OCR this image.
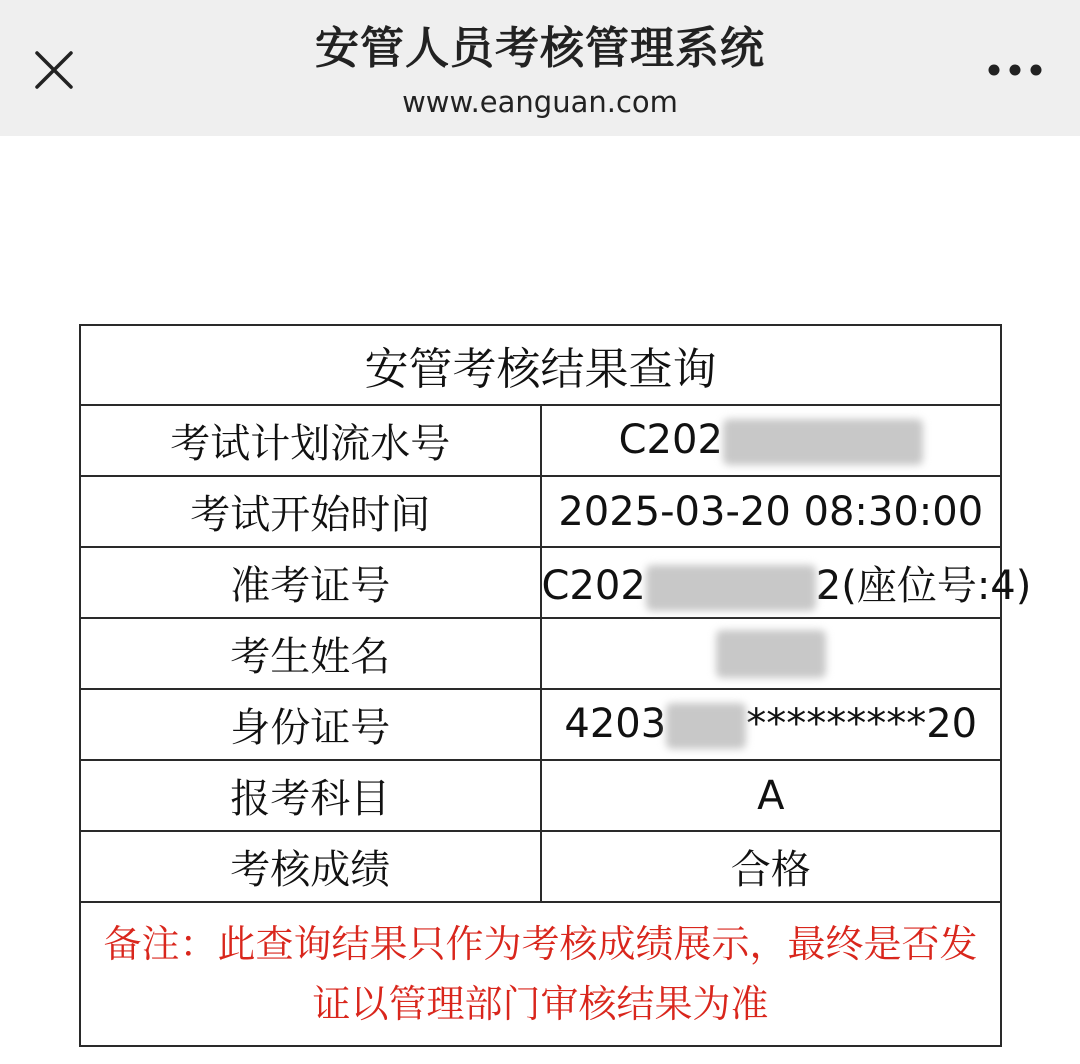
安管人员考核管理系统
www.eanguan.com
安管考核结果查询	
考试计划流水号	C202
考试开始时间	2025-03-20 08:30:00
准考证号	C202 2(座位号:4)
考生姓名	
身份证号	4203 *********20
报考科目	A
考核成绩	合格
备注：此查询结果只作为考核成绩展示，最终是否发证以管理部门审核结果为准	
